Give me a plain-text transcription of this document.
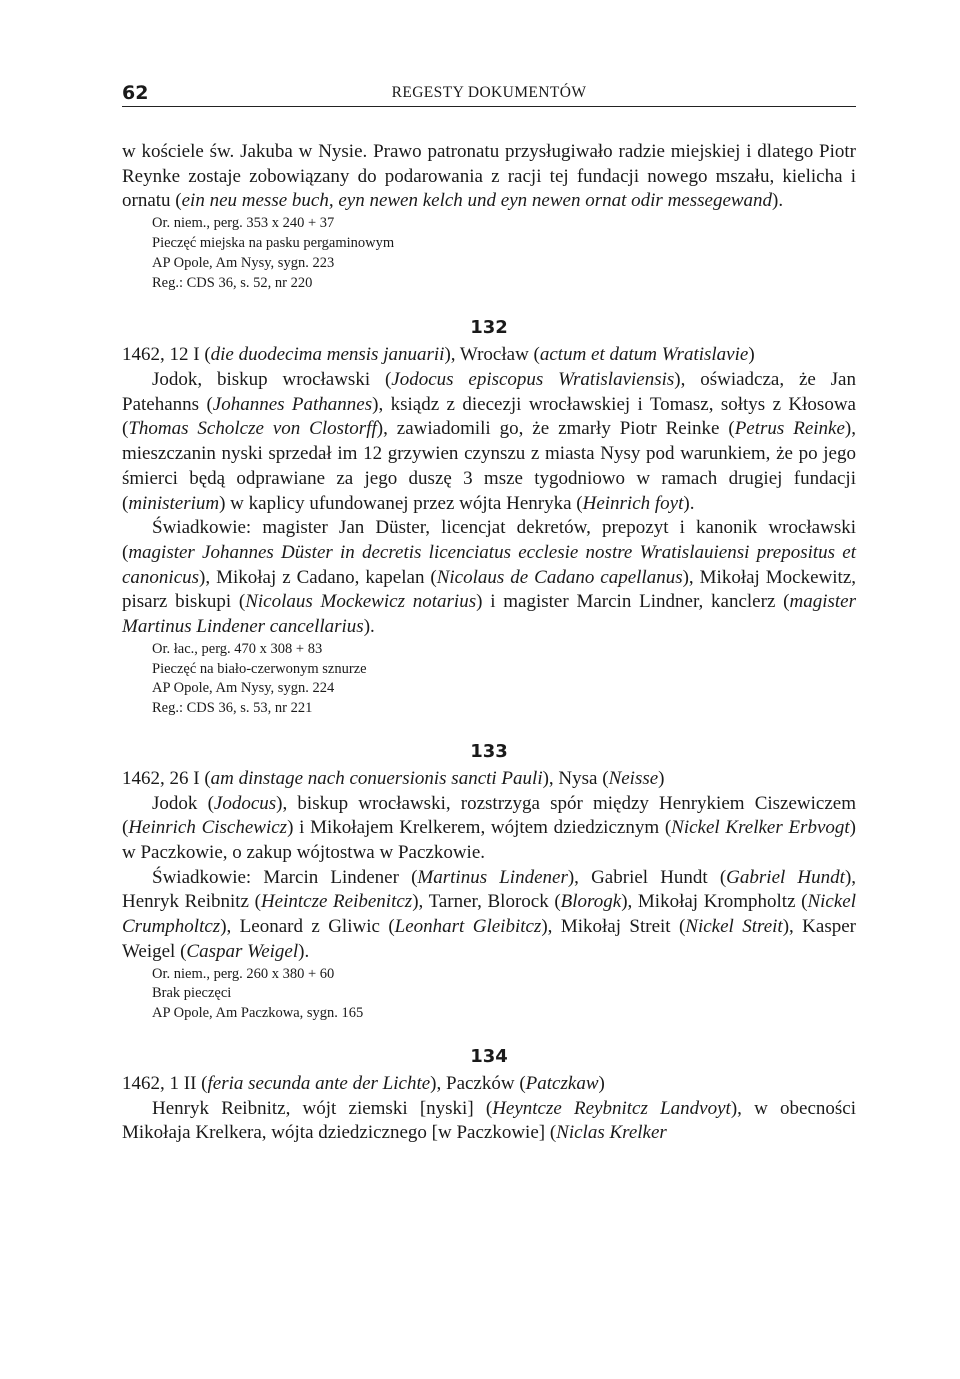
62	REGESTY DOKUMENTÓW

w kościele św. Jakuba w Nysie. Prawo patronatu przysługiwało radzie miejskiej i dlatego Piotr Reynke zostaje zobowiązany do podarowania z racji tej fundacji nowego mszału, kielicha i ornatu (ein neu messe buch, eyn newen kelch und eyn newen ornat odir messegewand).

Or. niem., perg. 353 x 240 + 37
Pieczęć miejska na pasku pergaminowym
AP Opole, Am Nysy, sygn. 223
Reg.: CDS 36, s. 52, nr 220
132

1462, 12 I (die duodecima mensis januarii), Wrocław (actum et datum Wratislavie)

Jodok, biskup wrocławski (Jodocus episcopus Wratislaviensis), oświadcza, że Jan Patehanns (Johannes Pathannes), ksiądz z diecezji wrocławskiej i Tomasz, sołtys z Kłosowa (Thomas Scholcze von Clostorff), zawiadomili go, że zmarły Piotr Reinke (Petrus Reinke), mieszczanin nyski sprzedał im 12 grzywien czynszu z miasta Nysy pod warunkiem, że po jego śmierci będą odprawiane za jego duszę 3 msze tygodniowo w ramach drugiej fundacji (ministerium) w kaplicy ufundowanej przez wójta Henryka (Heinrich foyt).

Świadkowie: magister Jan Düster, licencjat dekretów, prepozyt i kanonik wrocławski (magister Johannes Düster in decretis licenciatus ecclesie nostre Wratislauiensi prepositus et canonicus), Mikołaj z Cadano, kapelan (Nicolaus de Cadano capellanus), Mikołaj Mockewitz, pisarz biskupi (Nicolaus Mockewicz notarius) i magister Marcin Lindner, kanclerz (magister Martinus Lindener cancellarius).

Or. łac., perg. 470 x 308 + 83
Pieczęć na biało-czerwonym sznurze
AP Opole, Am Nysy, sygn. 224
Reg.: CDS 36, s. 53, nr 221
133

1462, 26 I (am dinstage nach conuersionis sancti Pauli), Nysa (Neisse)

Jodok (Jodocus), biskup wrocławski, rozstrzyga spór między Henrykiem Ciszewiczem (Heinrich Cischewicz) i Mikołajem Krelkerem, wójtem dziedzicznym (Nickel Krelker Erbvogt) w Paczkowie, o zakup wójtostwa w Paczkowie.

Świadkowie: Marcin Lindener (Martinus Lindener), Gabriel Hundt (Gabriel Hundt), Henryk Reibnitz (Heintcze Reibenitcz), Tarner, Blorock (Blorogk), Mikołaj Krompholtz (Nickel Crumpholtcz), Leonard z Gliwic (Leonhart Gleibitcz), Mikołaj Streit (Nickel Streit), Kasper Weigel (Caspar Weigel).

Or. niem., perg. 260 x 380 + 60
Brak pieczęci
AP Opole, Am Paczkowa, sygn. 165
134

1462, 1 II (feria secunda ante der Lichte), Paczków (Patczkaw)

Henryk Reibnitz, wójt ziemski [nyski] (Heyntcze Reybnitcz Landvoyt), w obecności Mikołaja Krelkera, wójta dziedzicznego [w Paczkowie] (Niclas Krelker
